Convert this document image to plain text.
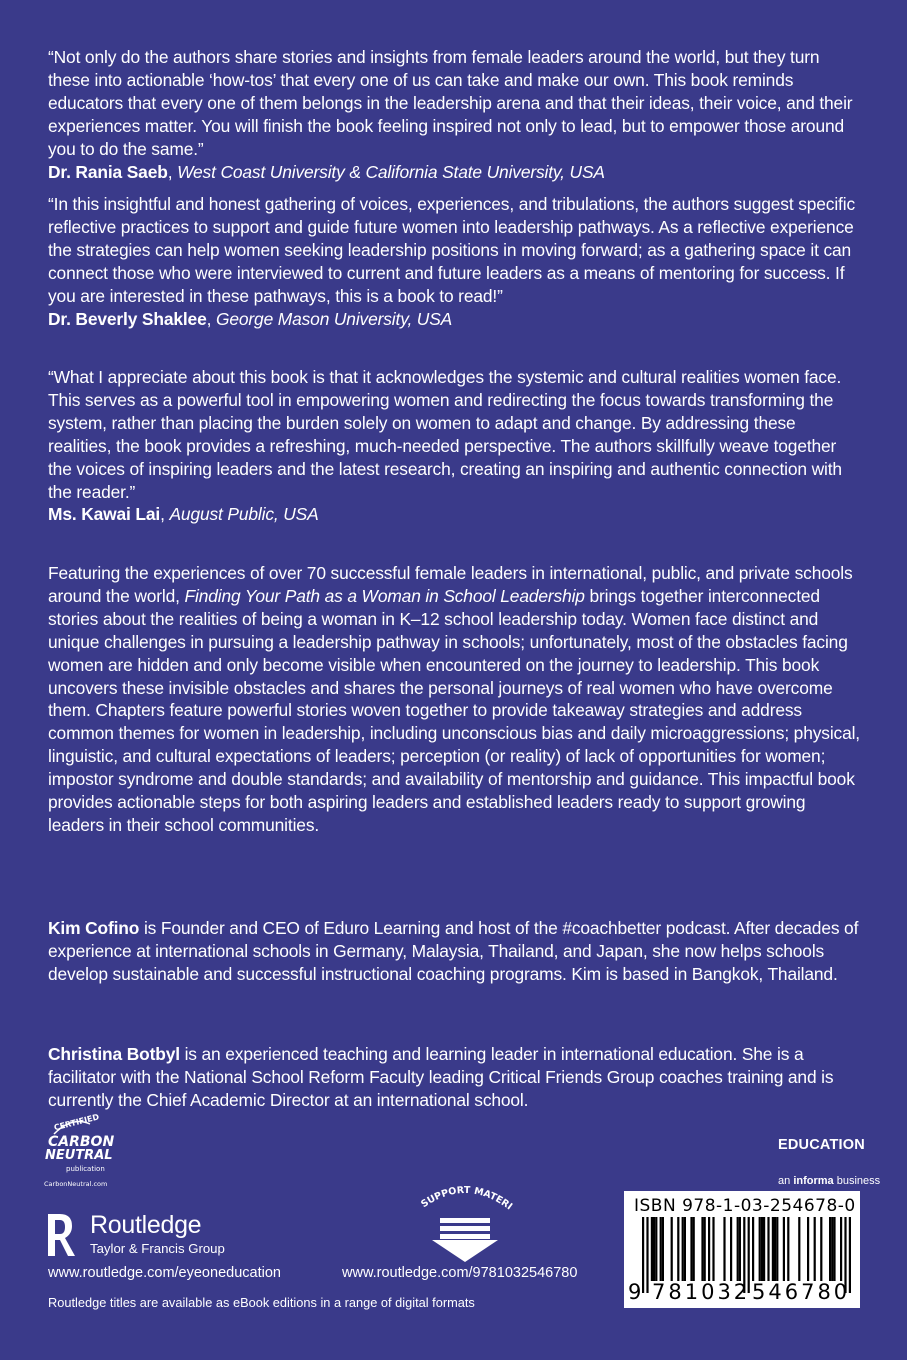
“Not only do the authors share stories and insights from female leaders around the world, but they turn these into actionable ‘how-tos’ that every one of us can take and make our own. This book reminds educators that every one of them belongs in the leadership arena and that their ideas, their voice, and their experiences matter. You will finish the book feeling inspired not only to lead, but to empower those around you to do the same.”

Dr. Rania Saeb, West Coast University & California State University, USA

“In this insightful and honest gathering of voices, experiences, and tribulations, the authors suggest specific reflective practices to support and guide future women into leadership pathways. As a reflective experience the strategies can help women seeking leadership positions in moving forward; as a gathering space it can connect those who were interviewed to current and future leaders as a means of mentoring for success. If you are interested in these pathways, this is a book to read!”

Dr. Beverly Shaklee, George Mason University, USA

“What I appreciate about this book is that it acknowledges the systemic and cultural realities women face. This serves as a powerful tool in empowering women and redirecting the focus towards transforming the system, rather than placing the burden solely on women to adapt and change. By addressing these realities, the book provides a refreshing, much-needed perspective. The authors skillfully weave together the voices of inspiring leaders and the latest research, creating an inspiring and authentic connection with the reader.”

Ms. Kawai Lai, August Public, USA

Featuring the experiences of over 70 successful female leaders in international, public, and private schools around the world, Finding Your Path as a Woman in School Leadership brings together interconnected stories about the realities of being a woman in K–12 school leadership today. Women face distinct and unique challenges in pursuing a leadership pathway in schools; unfortunately, most of the obstacles facing women are hidden and only become visible when encountered on the journey to leadership. This book uncovers these invisible obstacles and shares the personal journeys of real women who have overcome them. Chapters feature powerful stories woven together to provide takeaway strategies and address common themes for women in leadership, including unconscious bias and daily microaggressions; physical, linguistic, and cultural expectations of leaders; perception (or reality) of lack of opportunities for women; impostor syndrome and double standards; and availability of mentorship and guidance. This impactful book provides actionable steps for both aspiring leaders and established leaders ready to support growing leaders in their school communities.

Kim Cofino is Founder and CEO of Eduro Learning and host of the #coachbetter podcast. After decades of experience at international schools in Germany, Malaysia, Thailand, and Japan, she now helps schools develop sustainable and successful instructional coaching programs. Kim is based in Bangkok, Thailand.

Christina Botbyl is an experienced teaching and learning leader in international education. She is a facilitator with the National School Reform Faculty leading Critical Friends Group coaches training and is currently the Chief Academic Director at an international school.

CERTIFIED
CARBON
NEUTRAL
publication
CarbonNeutral.com
Routledge
Taylor & Francis Group
SUPPORT MATERI
EDUCATION
an informa business
ISBN 978-1-03-254678-0
9 781032 546780
www.routledge.com/eyeoneducation	www.routledge.com/9781032546780
Routledge titles are available as eBook editions in a range of digital formats
